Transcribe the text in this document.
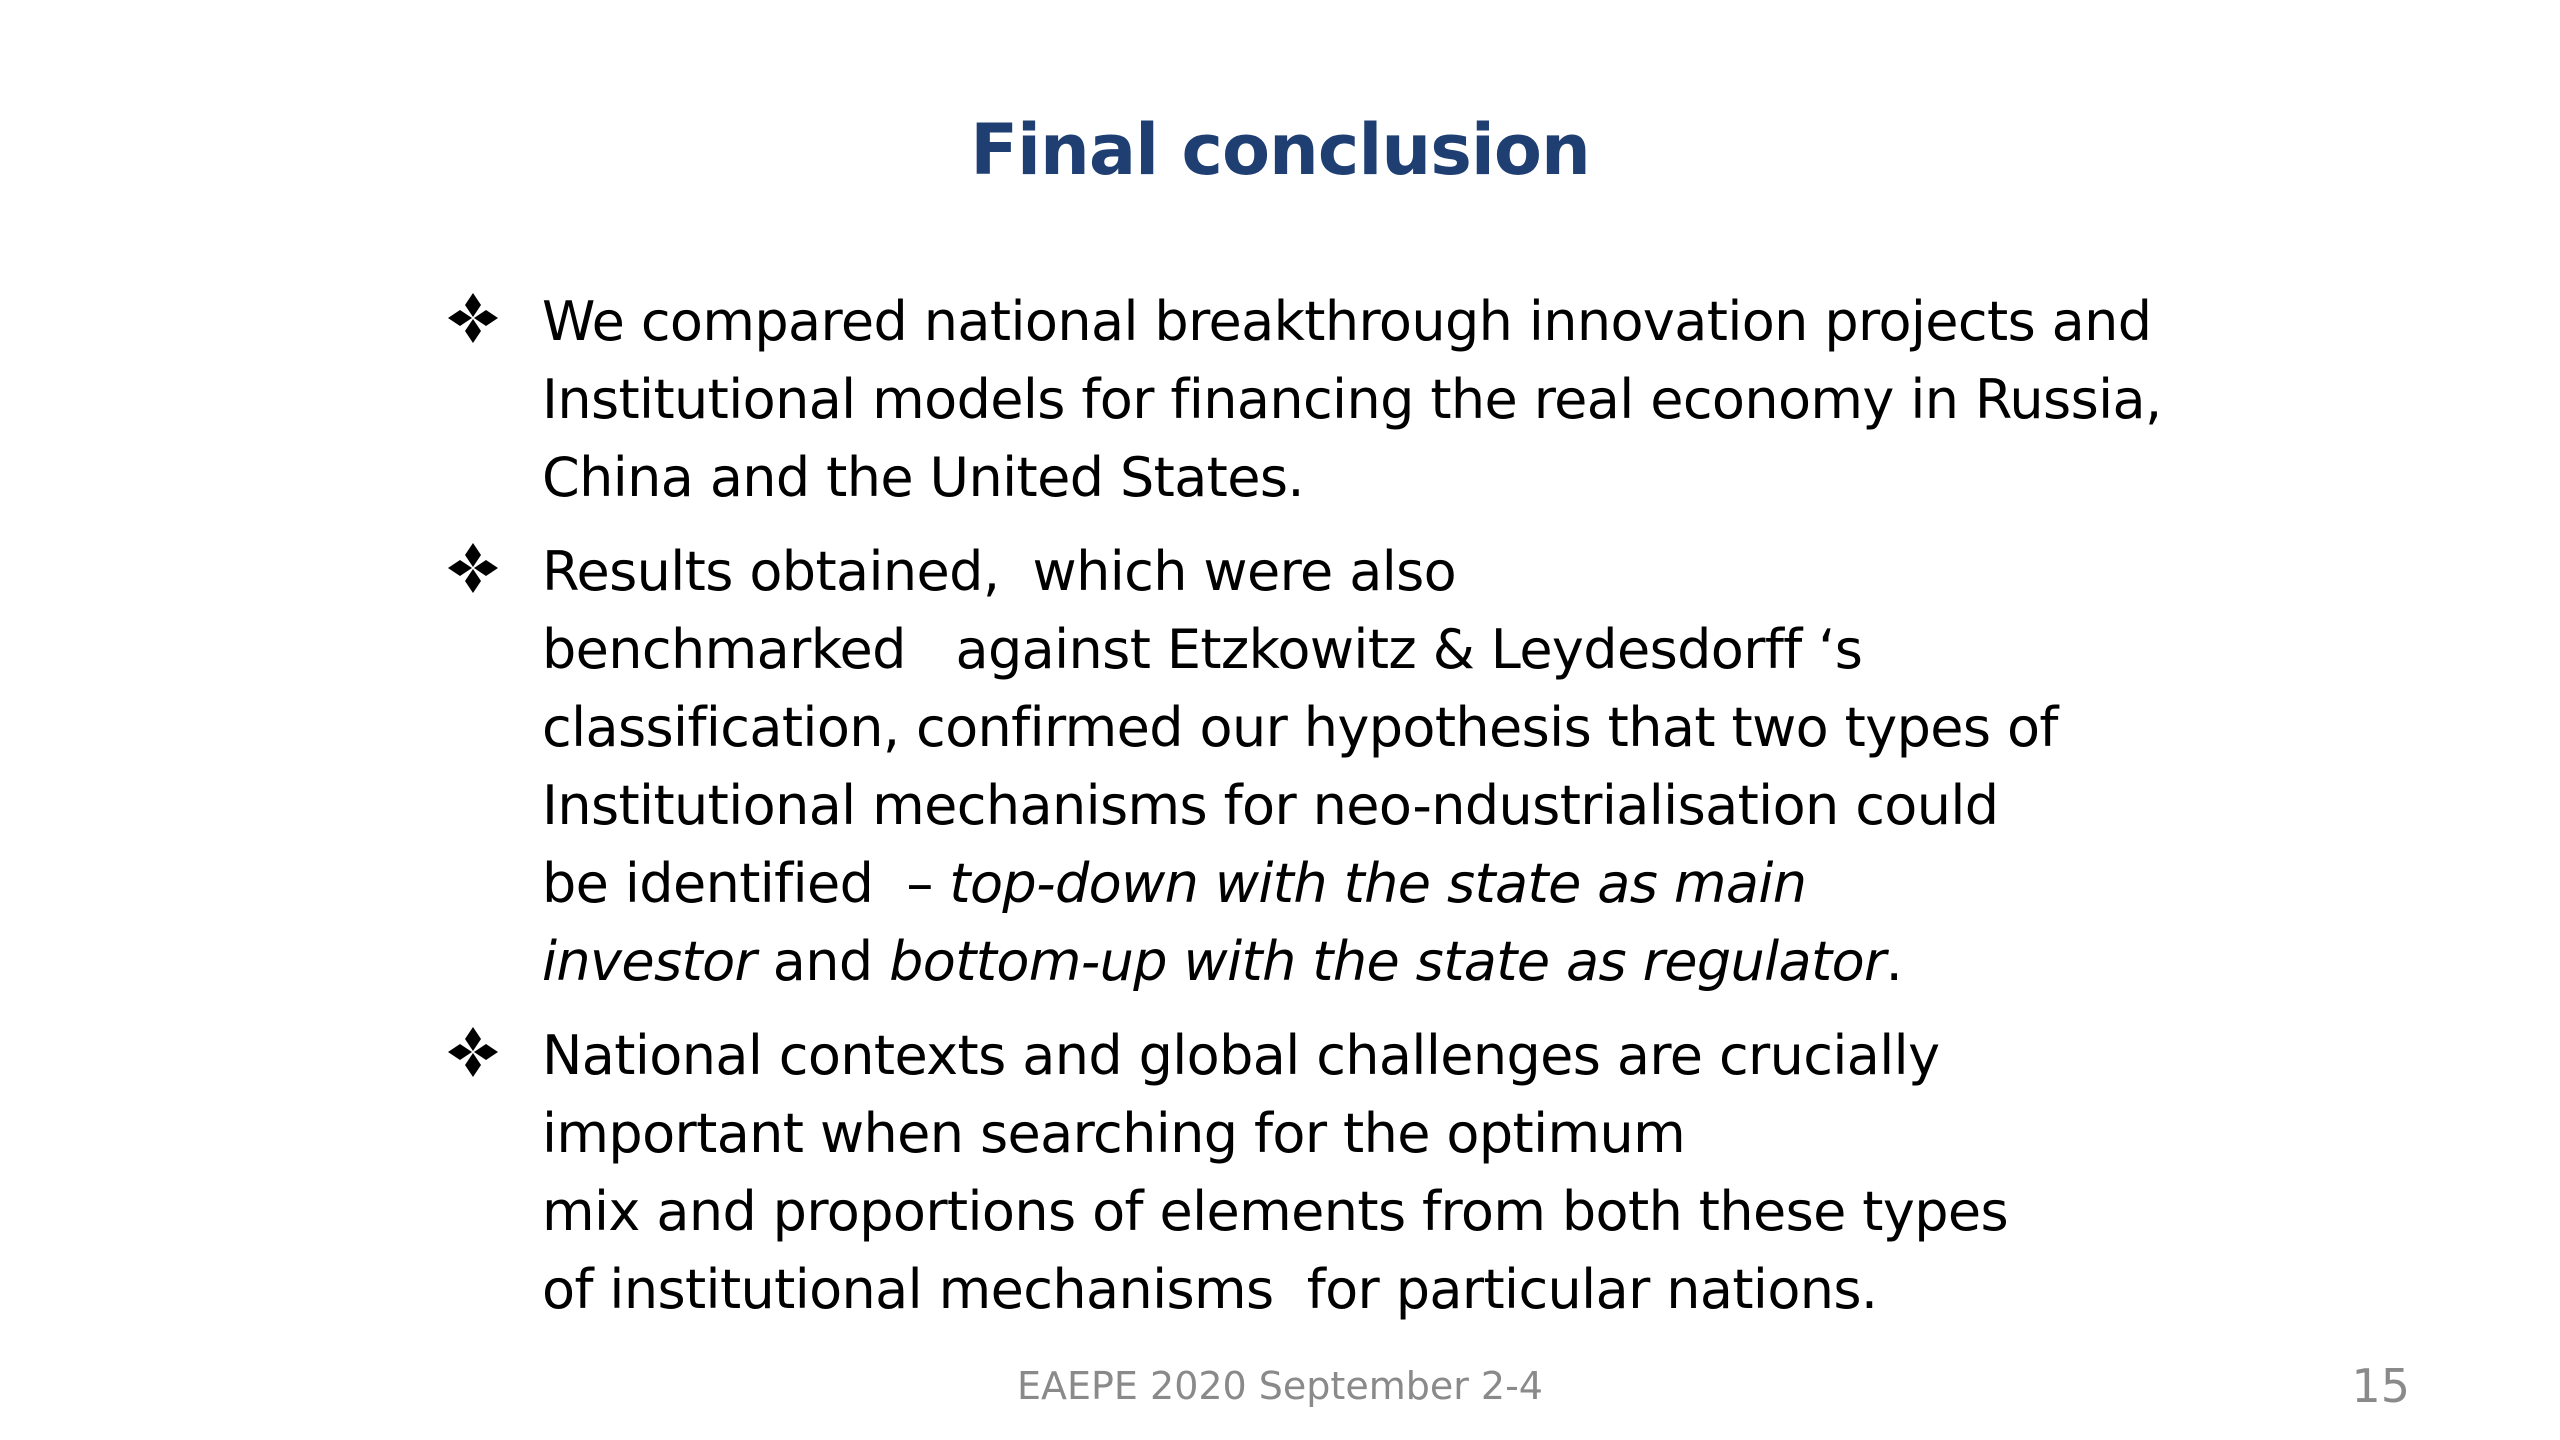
Final conclusion
We compared national breakthrough innovation projects and
Institutional models for financing the real economy in Russia,
China and the United States.
Results obtained,  which were also
benchmarked   against Etzkowitz & Leydesdorff ‘s
classification, confirmed our hypothesis that two types of
Institutional mechanisms for neo-ndustrialisation could
be identified  – top-down with the state as main
investor and bottom-up with the state as regulator.
National contexts and global challenges are crucially
important when searching for the optimum
mix and proportions of elements from both these types
of institutional mechanisms  for particular nations.
EAEPE 2020 September 2-4	15
